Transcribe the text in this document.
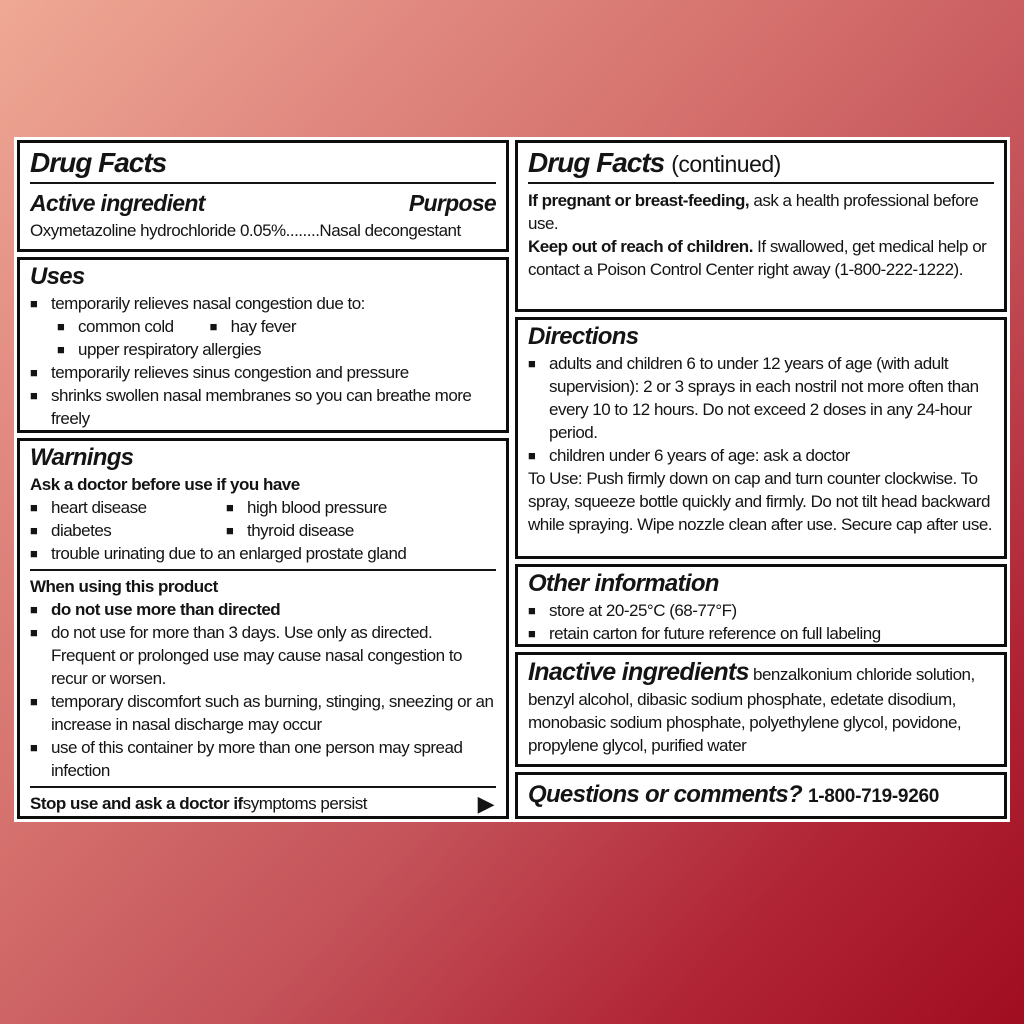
Drug Facts
Active ingredient	Purpose

Oxymetazoline hydrochloride 0.05%........Nasal decongestant

Uses
■ temporarily relieves nasal congestion due to:
■ common cold	■ hay fever
■ upper respiratory allergies
■ temporarily relieves sinus congestion and pressure
■ shrinks swollen nasal membranes so you can breathe more freely
Warnings

Ask a doctor before use if you have

■ heart disease	■ high blood pressure
■ diabetes	■ thyroid disease
■ trouble urinating due to an enlarged prostate gland

When using this product

■ do not use more than directed
■ do not use for more than 3 days. Use only as directed. Frequent or prolonged use may cause nasal congestion to recur or worsen.
■ temporary discomfort such as burning, stinging, sneezing or an increase in nasal discharge may occur
■ use of this container by more than one person may spread infection
Stop use and ask a doctor if symptoms persist	▶
Drug Facts (continued)

If pregnant or breast-feeding, ask a health professional before use.

Keep out of reach of children. If swallowed, get medical help or contact a Poison Control Center right away (1-800-222-1222).

Directions
■ adults and children 6 to under 12 years of age (with adult supervision): 2 or 3 sprays in each nostril not more often than every 10 to 12 hours. Do not exceed 2 doses in any 24-hour period.
■ children under 6 years of age: ask a doctor

To Use: Push firmly down on cap and turn counter clockwise. To spray, squeeze bottle quickly and firmly. Do not tilt head backward while spraying. Wipe nozzle clean after use. Secure cap after use.

Other information
■ store at 20-25°C (68-77°F)
■ retain carton for future reference on full labeling

Inactive ingredients benzalkonium chloride solution, benzyl alcohol, dibasic sodium phosphate, edetate disodium, monobasic sodium phosphate, polyethylene glycol, povidone, propylene glycol, purified water

Questions or comments? 1-800-719-9260
